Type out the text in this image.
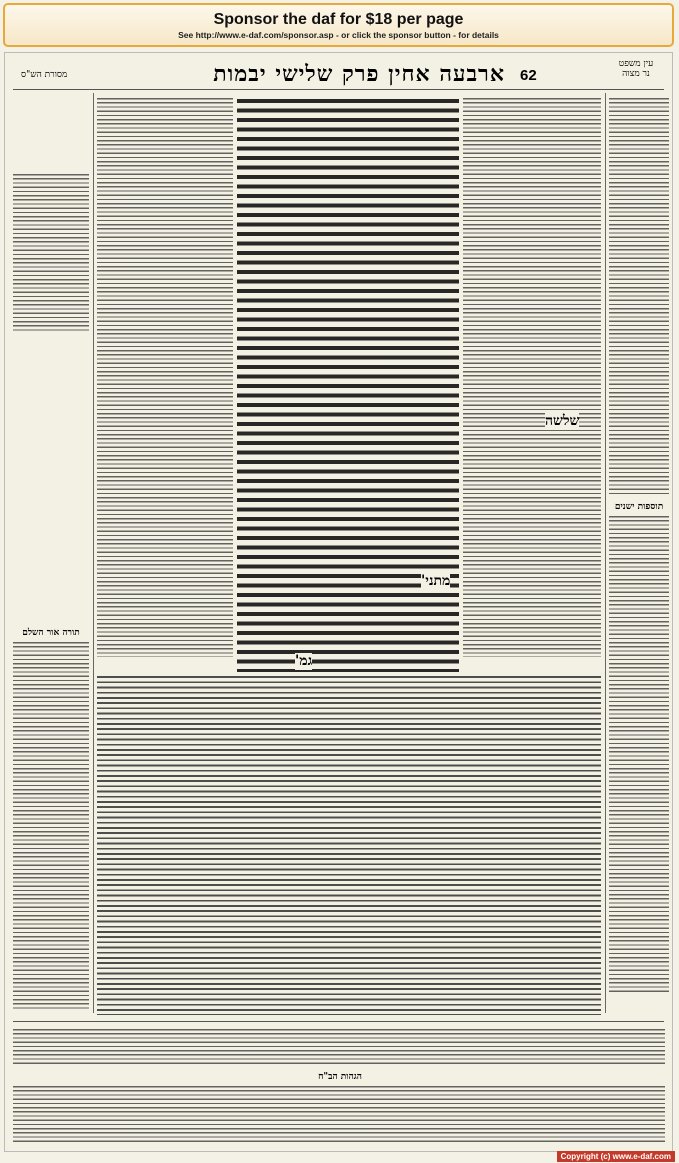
Sponsor the daf for $18 per page
See http://www.e-daf.com/sponsor.asp - or click the sponsor button - for details
עין משפט
נר מצוה
62
ארבעה אחין פרק שלישי יבמות
מסורת הש"ס
תוספות ישנים
שלשה
מתני'
גמ'
תורה אור השלם
הגהות הב"ח
Copyright (c) www.e-daf.com
